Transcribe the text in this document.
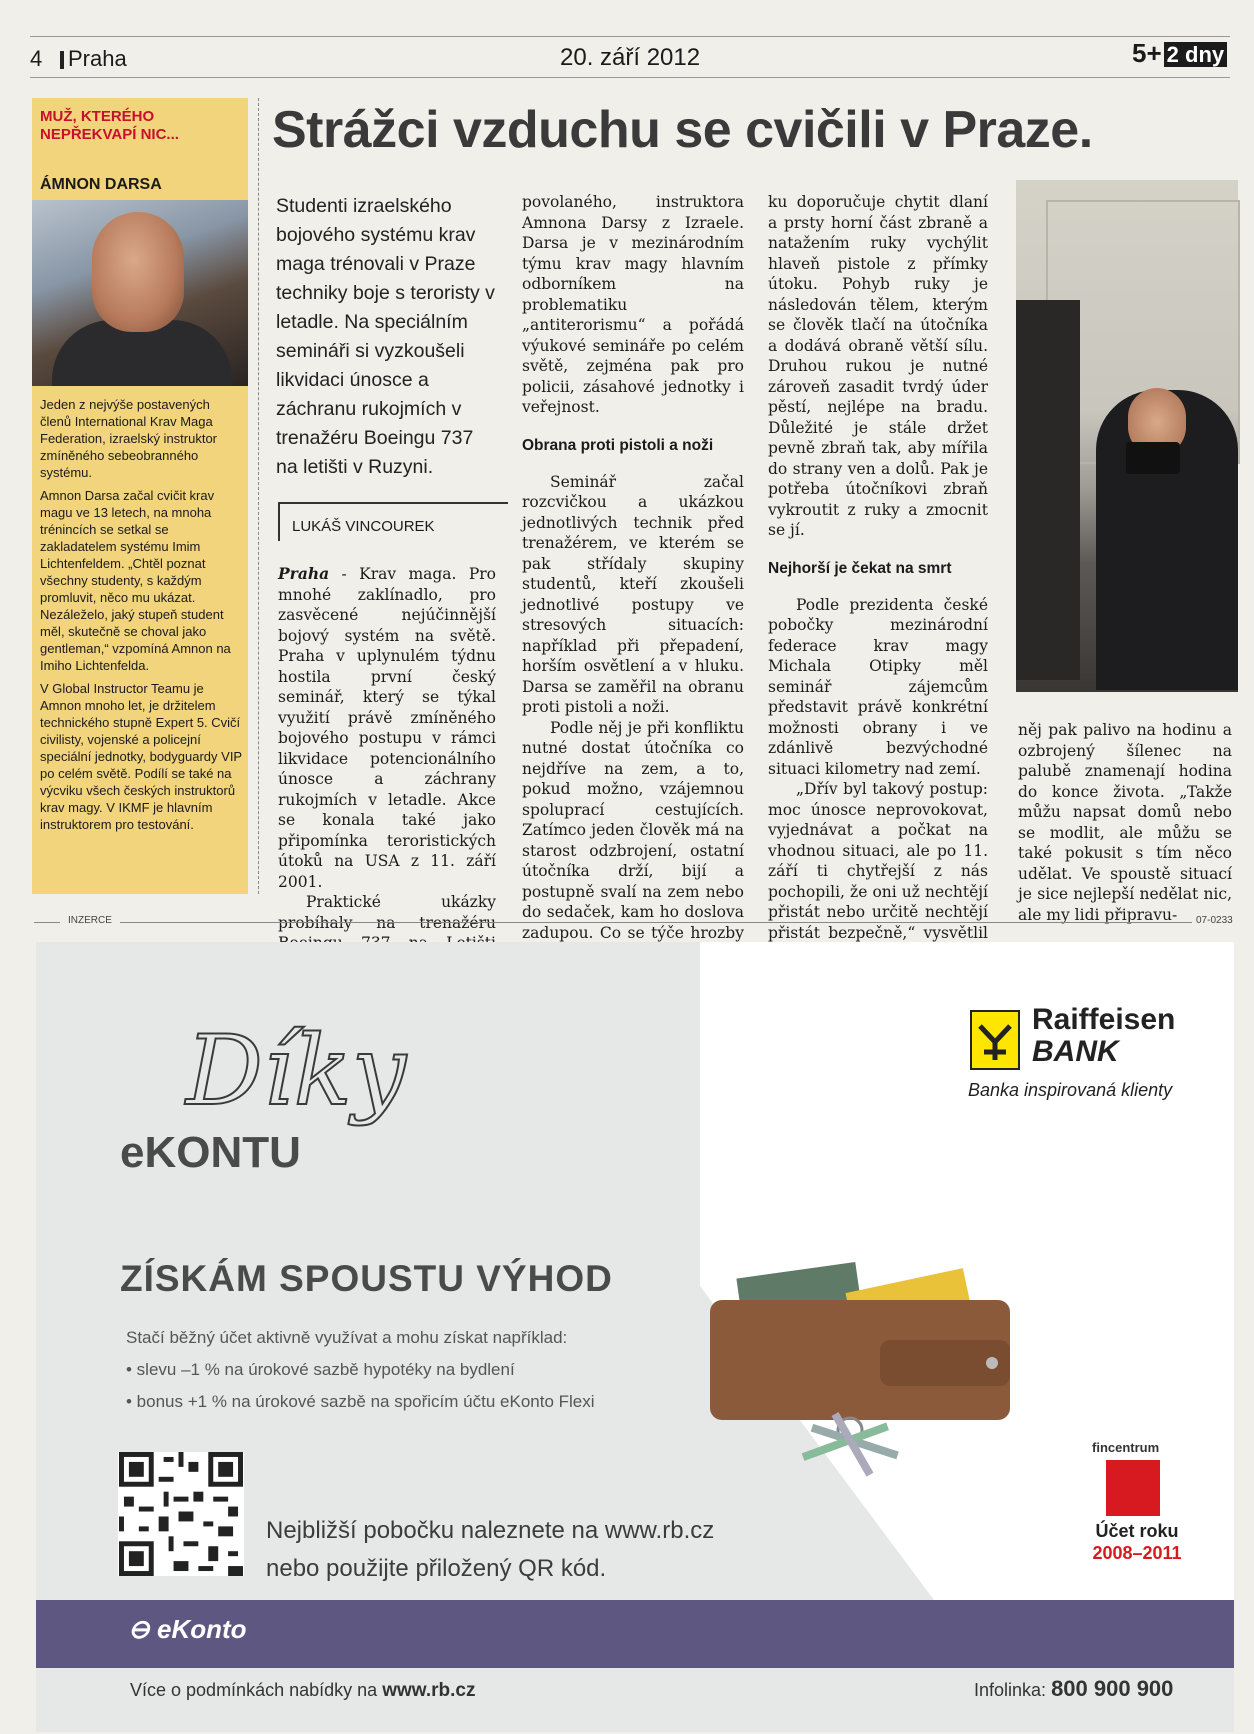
4 Praha	20. září 2012	5+ 2 dny
MUŽ, KTERÉHO NEPŘEKVAPÍ NIC...
ÁMNON DARSA

Jeden z nejvýše postavených členů International Krav Maga Federation, izraelský instruktor zmíněného sebeobranného systému.

Amnon Darsa začal cvičit krav magu ve 13 letech, na mnoha trénincích se setkal se zakladatelem systému Imim Lichtenfeldem. „Chtěl poznat všechny studenty, s každým promluvit, něco mu ukázat. Nezáleželo, jaký stupeň student měl, skutečně se choval jako gentleman,“ vzpomíná Amnon na Imiho Lichtenfelda.

V Global Instructor Teamu je Amnon mnoho let, je držitelem technického stupně Expert 5. Cvičí civilisty, vojenské a policejní speciální jednotky, bodyguardy VIP po celém světě. Podílí se také na výcviku všech českých instruktorů krav magy. V IKMF je hlavním instruktorem pro testování.

Strážci vzduchu se cvičili v Praze.
Studenti izraelského bojového systému krav maga trénovali v Praze techniky boje s teroristy v letadle. Na speciálním semináři si vyzkoušeli likvidaci únosce a záchranu rukojmích v trenažéru Boeingu 737 na letišti v Ruzyni.
LUKÁŠ VINCOUREK

Praha - Krav maga. Pro mnohé zaklínadlo, pro zasvěcené nejúčinnější bojový systém na světě. Praha v uplynulém týdnu hostila první český seminář, který se týkal využití právě zmíněného bojového postupu v rámci likvidace potencionálního únosce a záchrany rukojmích v letadle. Akce se konala také jako připomínka teroristických útoků na USA z 11. září 2001.

Praktické ukázky probíhaly na trenažéru

povolaného, instruktora Amnona Darsy z Izraele. Darsa je v mezinárodním týmu krav magy hlavním odborníkem na problematiku „antiterorismu“ a pořádá výukové semináře po celém světě, zejména pak pro policii, zásahové jednotky i veřejnost.

Obrana proti pistoli a noži

Seminář začal rozcvičkou a ukázkou jednotlivých technik před trenažérem, ve kterém se pak střídaly skupiny studentů, kteří zkoušeli jednotlivé postupy ve stresových situacích: například při přepadení, horším osvětlení a v hluku. Darsa se zaměřil na obranu proti pistoli a noži.

Podle něj je při konfliktu nutné dostat útočníka co nejdříve na zem, a to, pokud možno, vzájemnou spoluprací cestujících. Zatímco jeden člověk má na starost odzbrojení, ostatní útočníka drží, bijí a postupně svalí na zem nebo do sedaček, kam ho doslova zadupou. Co se týče hrozby

ku doporučuje chytit dlaní a prsty horní část zbraně a natažením ruky vychýlit hlaveň pistole z přímky útoku. Pohyb ruky je následován tělem, kterým se člověk tlačí na útočníka a dodává obraně větší sílu. Druhou rukou je nutné zároveň zasadit tvrdý úder pěstí, nejlépe na bradu. Důležité je stále držet pevně zbraň tak, aby mířila do strany ven a dolů. Pak je potřeba útočníkovi zbraň vykroutit z ruky a zmocnit se jí.

Nejhorší je čekat na smrt

Podle prezidenta české pobočky mezinárodní federace krav magy Michala Otipky měl seminář zájemcům představit právě konkrétní možnosti obrany i ve zdánlivě bezvýchodné situaci kilometry nad zemí.

„Dřív byl takový postup: moc únosce neprovokovat, vyjednávat a počkat na vhodnou situaci, ale po 11. září ti chytřejší z nás pochopili, že oni už nechtějí přistát nebo určitě nechtějí přistát bezpečně,“ vysvětlil

něj pak palivo na hodinu a ozbrojený šílenec na palubě znamenají hodina do konce života. „Takže můžu napsat domů nebo se modlit, ale můžu se také pokusit s tím něco udělat. Ve spoustě situací je sice nejlepší nedělat nic, ale my lidi připravu-

INZERCE	07-0233
Díky
eKONTU
ZÍSKÁM SPOUSTU VÝHOD
Stačí běžný účet aktivně využívat a mohu získat například:
• slevu –1 % na úrokové sazbě hypotéky na bydlení
• bonus +1 % na úrokové sazbě na spořicím účtu eKonto Flexi
Nejbližší pobočku naleznete na www.rb.cz
nebo použijte přiložený QR kód.
Raiffeisen
BANK
Banka inspirovaná klienty
fincentrum
Účet roku
2008–2011
⊖ eKonto
Více o podmínkách nabídky na www.rb.cz	Infolinka: 800 900 900
